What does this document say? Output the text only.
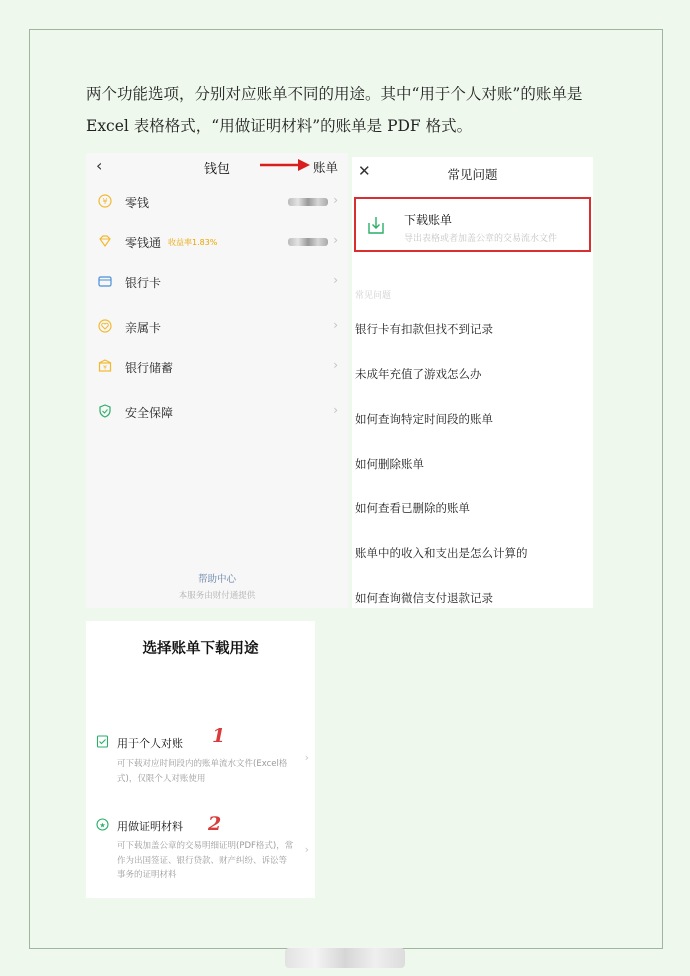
两个功能选项，分别对应账单不同的用途。其中“用于个人对账”的账单是 Excel 表格格式，“用做证明材料”的账单是 PDF 格式。
‹	钱包	账单
¥ 零钱	›
零钱通 收益率1.83%	›
银行卡	›
亲属卡	›
¥ 银行储蓄	›
安全保障	›
帮助中心
本服务由财付通提供
✕	常见问题
下载账单
导出表格或者加盖公章的交易流水文件
常见问题
银行卡有扣款但找不到记录
未成年充值了游戏怎么办
如何查询特定时间段的账单
如何删除账单
如何查看已删除的账单
账单中的收入和支出是怎么计算的
如何查询微信支付退款记录
选择账单下载用途
用于个人对账 1
可下载对应时间段内的账单流水文件(Excel格式)，仅限个人对账使用
›
★ 用做证明材料 2
可下载加盖公章的交易明细证明(PDF格式)，常作为出国签证、银行贷款、财产纠纷、诉讼等事务的证明材料
›
